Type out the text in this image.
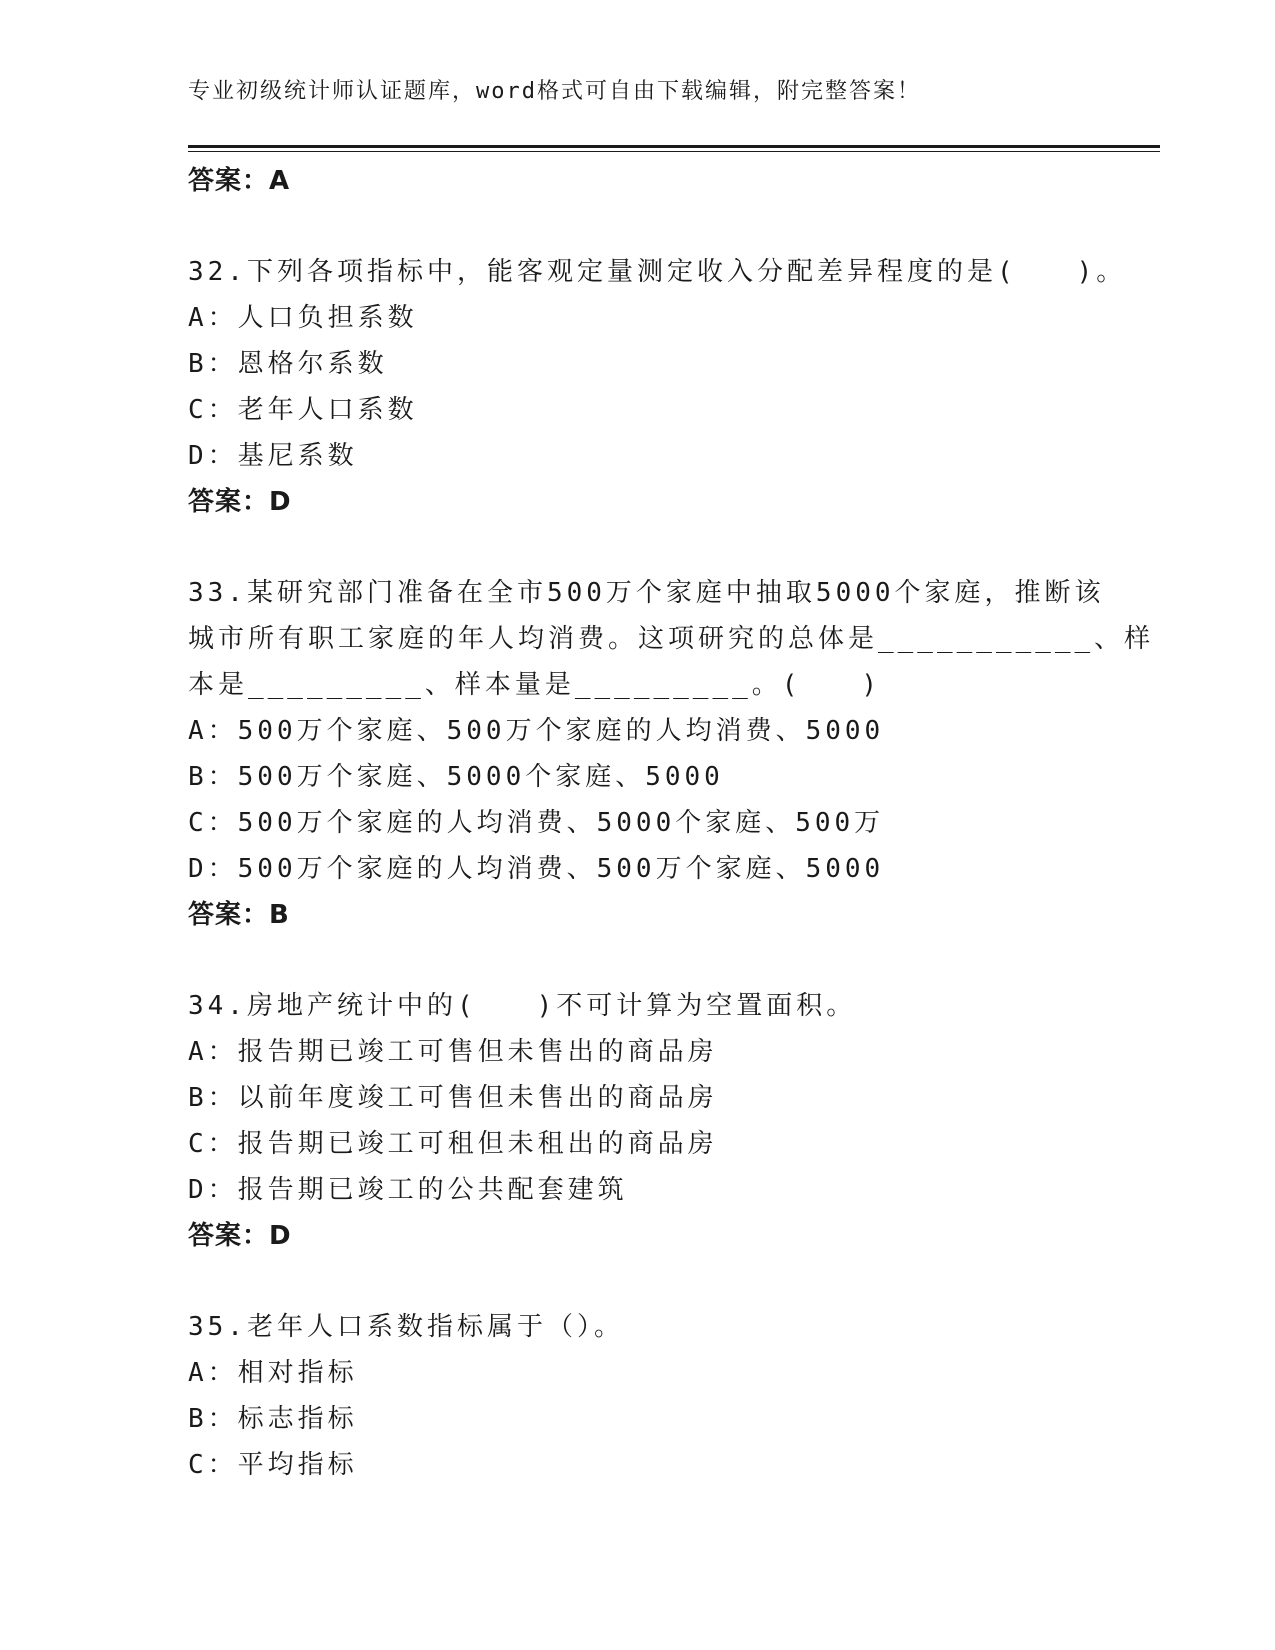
专业初级统计师认证题库，word格式可自由下载编辑，附完整答案！
答案：A
32.下列各项指标中，能客观定量测定收入分配差异程度的是(　　)。
A：人口负担系数
B：恩格尔系数
C：老年人口系数
D：基尼系数
答案：D
33.某研究部门准备在全市500万个家庭中抽取5000个家庭，推断该
城市所有职工家庭的年人均消费。这项研究的总体是___________、样
本是_________、样本量是_________。(　　)
A：500万个家庭、500万个家庭的人均消费、5000
B：500万个家庭、5000个家庭、5000
C：500万个家庭的人均消费、5000个家庭、500万
D：500万个家庭的人均消费、500万个家庭、5000
答案：B
34.房地产统计中的(　　)不可计算为空置面积。
A：报告期已竣工可售但未售出的商品房
B：以前年度竣工可售但未售出的商品房
C：报告期已竣工可租但未租出的商品房
D：报告期已竣工的公共配套建筑
答案：D
35.老年人口系数指标属于（）。
A：相对指标
B：标志指标
C：平均指标
